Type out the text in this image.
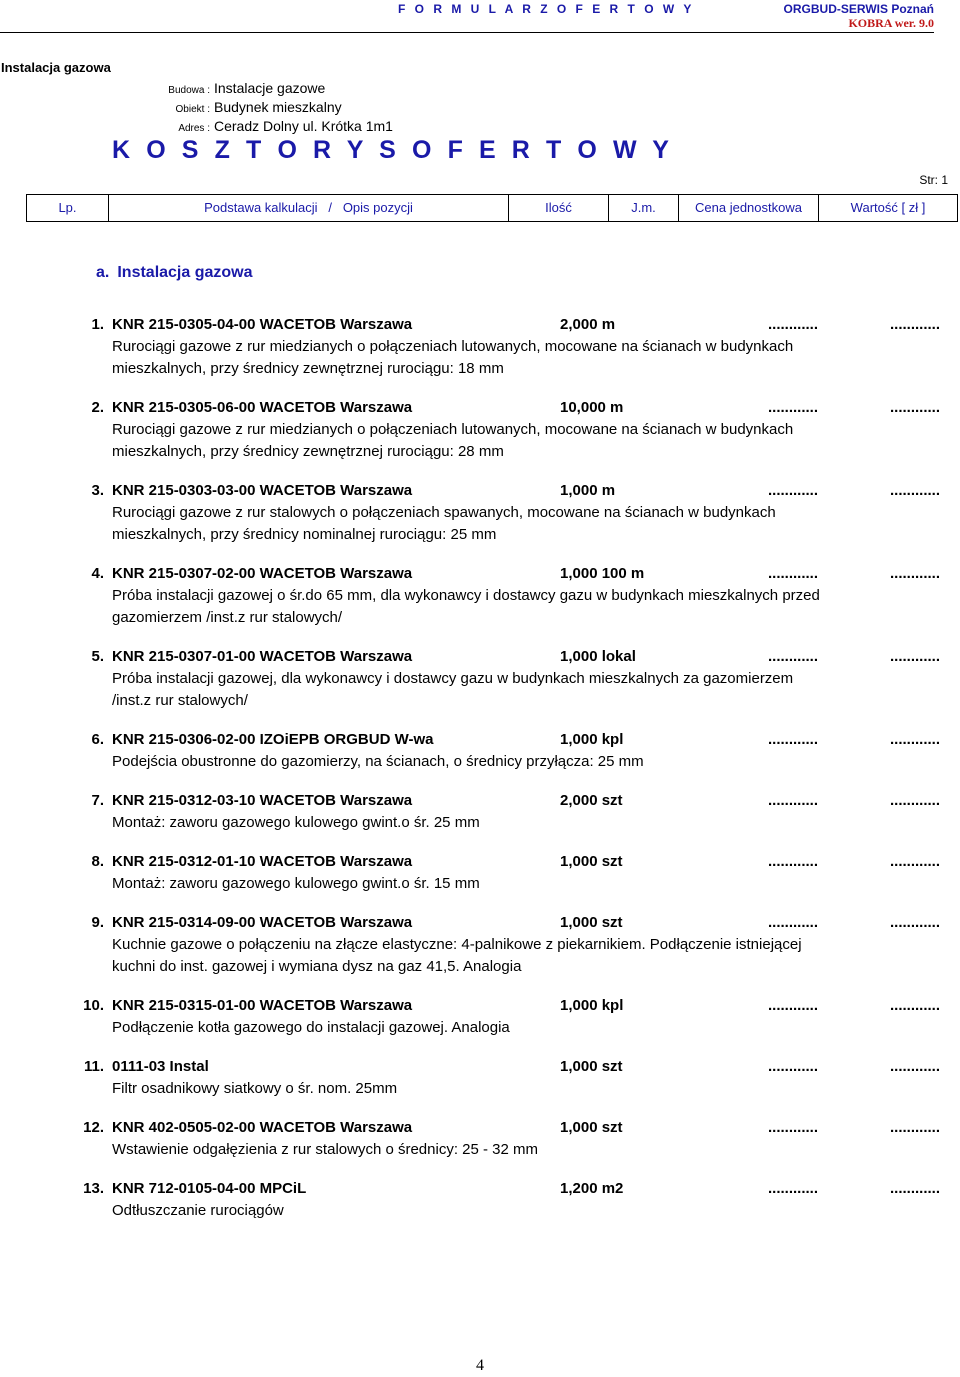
F O R M U L A R Z O F E R T O W Y	ORGBUD-SERWIS Poznań
KOBRA wer. 9.0
Instalacja gazowa
Budowa : Instalacje gazowe
Obiekt : Budynek mieszkalny
Adres : Ceradz Dolny ul. Krótka 1m1
K O S Z T O R Y S O F E R T O W Y
Str: 1
Lp.	Podstawa kalkulacji   /   Opis pozycji	Ilość	J.m.	Cena jednostkowa	Wartość [ zł ]
a. Instalacja gazowa
1. KNR 215-0305-04-00 WACETOB Warszawa	2,000 m	............	............
Rurociągi gazowe z rur miedzianych o połączeniach lutowanych, mocowane na ścianach w budynkach mieszkalnych, przy średnicy zewnętrznej rurociągu: 18 mm
2. KNR 215-0305-06-00 WACETOB Warszawa	10,000 m	............	............
Rurociągi gazowe z rur miedzianych o połączeniach lutowanych, mocowane na ścianach w budynkach mieszkalnych, przy średnicy zewnętrznej rurociągu: 28 mm
3. KNR 215-0303-03-00 WACETOB Warszawa	1,000 m	............	............
Rurociągi gazowe z rur stalowych o połączeniach spawanych, mocowane na ścianach w budynkach mieszkalnych, przy średnicy nominalnej rurociągu: 25 mm
4. KNR 215-0307-02-00 WACETOB Warszawa	1,000 100 m	............	............
Próba instalacji gazowej o śr.do 65 mm, dla wykonawcy i dostawcy gazu w budynkach mieszkalnych przed gazomierzem /inst.z rur stalowych/
5. KNR 215-0307-01-00 WACETOB Warszawa	1,000 lokal	............	............
Próba instalacji gazowej, dla wykonawcy i dostawcy gazu w budynkach mieszkalnych za gazomierzem /inst.z rur stalowych/
6. KNR 215-0306-02-00 IZOiEPB ORGBUD W-wa	1,000 kpl	............	............
Podejścia obustronne do gazomierzy, na ścianach, o średnicy przyłącza: 25 mm
7. KNR 215-0312-03-10 WACETOB Warszawa	2,000 szt	............	............
Montaż: zaworu gazowego kulowego gwint.o śr. 25 mm
8. KNR 215-0312-01-10 WACETOB Warszawa	1,000 szt	............	............
Montaż: zaworu gazowego kulowego gwint.o śr. 15 mm
9. KNR 215-0314-09-00 WACETOB Warszawa	1,000 szt	............	............
Kuchnie gazowe o połączeniu na złącze elastyczne: 4-palnikowe z piekarnikiem. Podłączenie istniejącej kuchni do inst. gazowej i wymiana dysz na gaz 41,5. Analogia
10. KNR 215-0315-01-00 WACETOB Warszawa	1,000 kpl	............	............
Podłączenie kotła gazowego do instalacji gazowej. Analogia
11. 0111-03 Instal	1,000 szt	............	............
Filtr osadnikowy siatkowy o śr. nom. 25mm
12. KNR 402-0505-02-00 WACETOB Warszawa	1,000 szt	............	............
Wstawienie odgałęzienia z rur stalowych o średnicy: 25 - 32 mm
13. KNR 712-0105-04-00 MPCiL	1,200 m2	............	............
Odtłuszczanie rurociągów
4
